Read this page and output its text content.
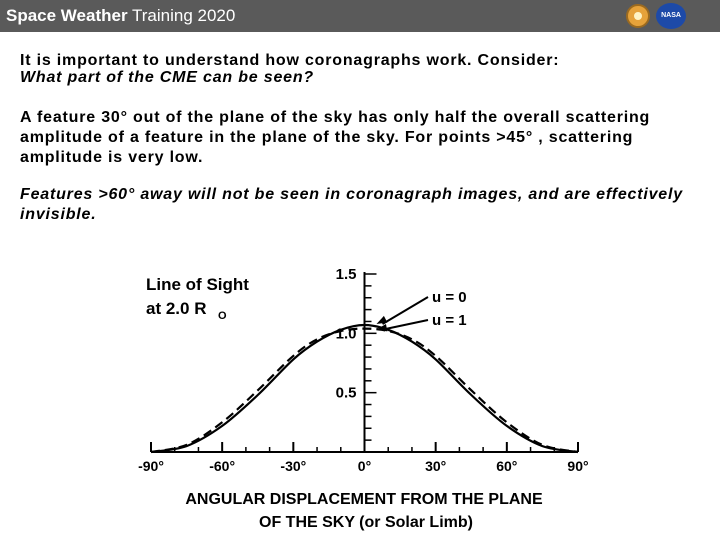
Space Weather Training 2020	NASA
It is important to understand how coronagraphs work. Consider:
What part of the CME can be seen?
A feature 30° out of the plane of the sky has only half the overall scattering amplitude of a feature in the plane of the sky. For points >45° , scattering amplitude is very low.
Features >60° away will not be seen in coronagraph images, and are effectively invisible.
-90°	-60°	-30°	0°	30°	60°	90°
0.5
1.0
1.5
u = 0
u = 1
Line of Sight
at 2.0 R O
ANGULAR DISPLACEMENT FROM THE PLANE
OF THE SKY (or Solar Limb)
